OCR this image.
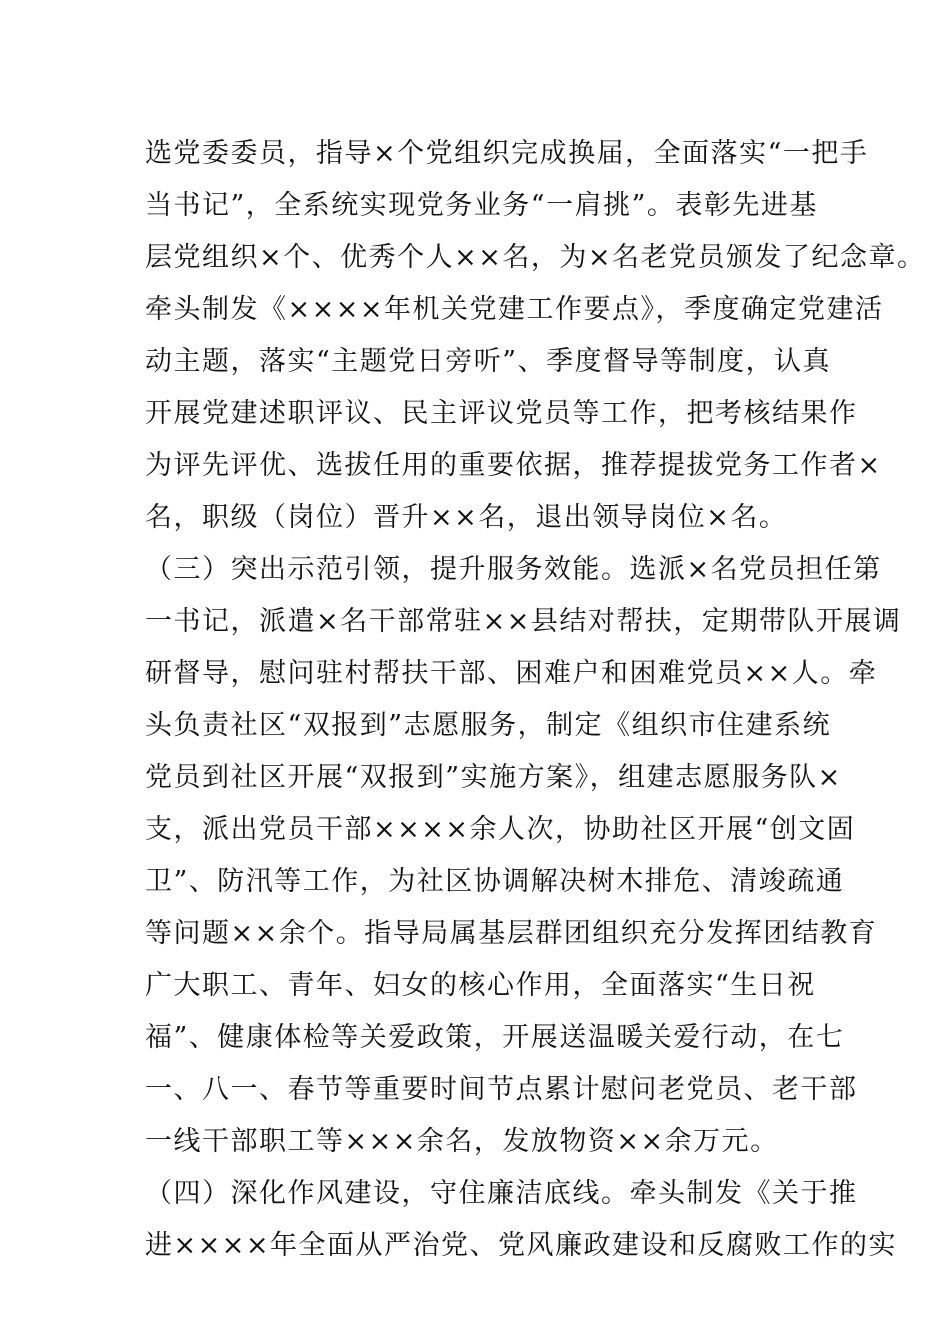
选党委委员，指导×个党组织完成换届，全面落实“一把手
当书记”，全系统实现党务业务“一肩挑”。表彰先进基
层党组织×个、优秀个人××名，为×名老党员颁发了纪念章。
牵头制发《××××年机关党建工作要点》，季度确定党建活
动主题，落实“主题党日旁听”、季度督导等制度，认真
开展党建述职评议、民主评议党员等工作，把考核结果作
为评先评优、选拔任用的重要依据，推荐提拔党务工作者×
名，职级（岗位）晋升××名，退出领导岗位×名。
（三）突出示范引领，提升服务效能。选派×名党员担任第
一书记，派遣×名干部常驻××县结对帮扶，定期带队开展调
研督导，慰问驻村帮扶干部、困难户和困难党员××人。牵
头负责社区“双报到”志愿服务，制定《组织市住建系统
党员到社区开展“双报到”实施方案》，组建志愿服务队×
支，派出党员干部××××余人次，协助社区开展“创文固
卫”、防汛等工作，为社区协调解决树木排危、清竣疏通
等问题××余个。指导局属基层群团组织充分发挥团结教育
广大职工、青年、妇女的核心作用，全面落实“生日祝
福”、健康体检等关爱政策，开展送温暖关爱行动，在七
一、八一、春节等重要时间节点累计慰问老党员、老干部
一线干部职工等×××余名，发放物资××余万元。
（四）深化作风建设，守住廉洁底线。牵头制发《关于推
进××××年全面从严治党、党风廉政建设和反腐败工作的实
